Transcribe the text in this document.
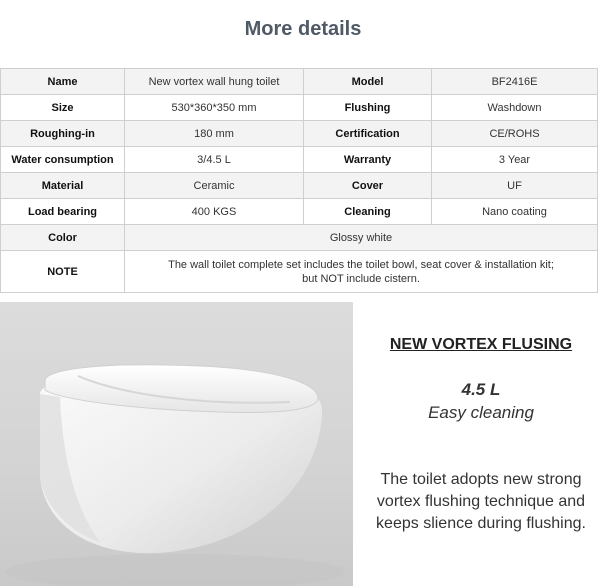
More details
Name	New vortex wall hung toilet	Model	BF2416E
Size	530*360*350 mm	Flushing	Washdown
Roughing-in	180 mm	Certification	CE/ROHS
Water consumption	3/4.5 L	Warranty	3 Year
Material	Ceramic	Cover	UF
Load bearing	400 KGS	Cleaning	Nano coating
Color	Glossy white		
NOTE	The wall toilet complete set includes the toilet bowl, seat cover & installation kit;
but NOT include cistern.		
NEW VORTEX FLUSING
4.5 L
Easy cleaning
The toilet adopts new strong vortex flushing technique and keeps slience during flushing.
